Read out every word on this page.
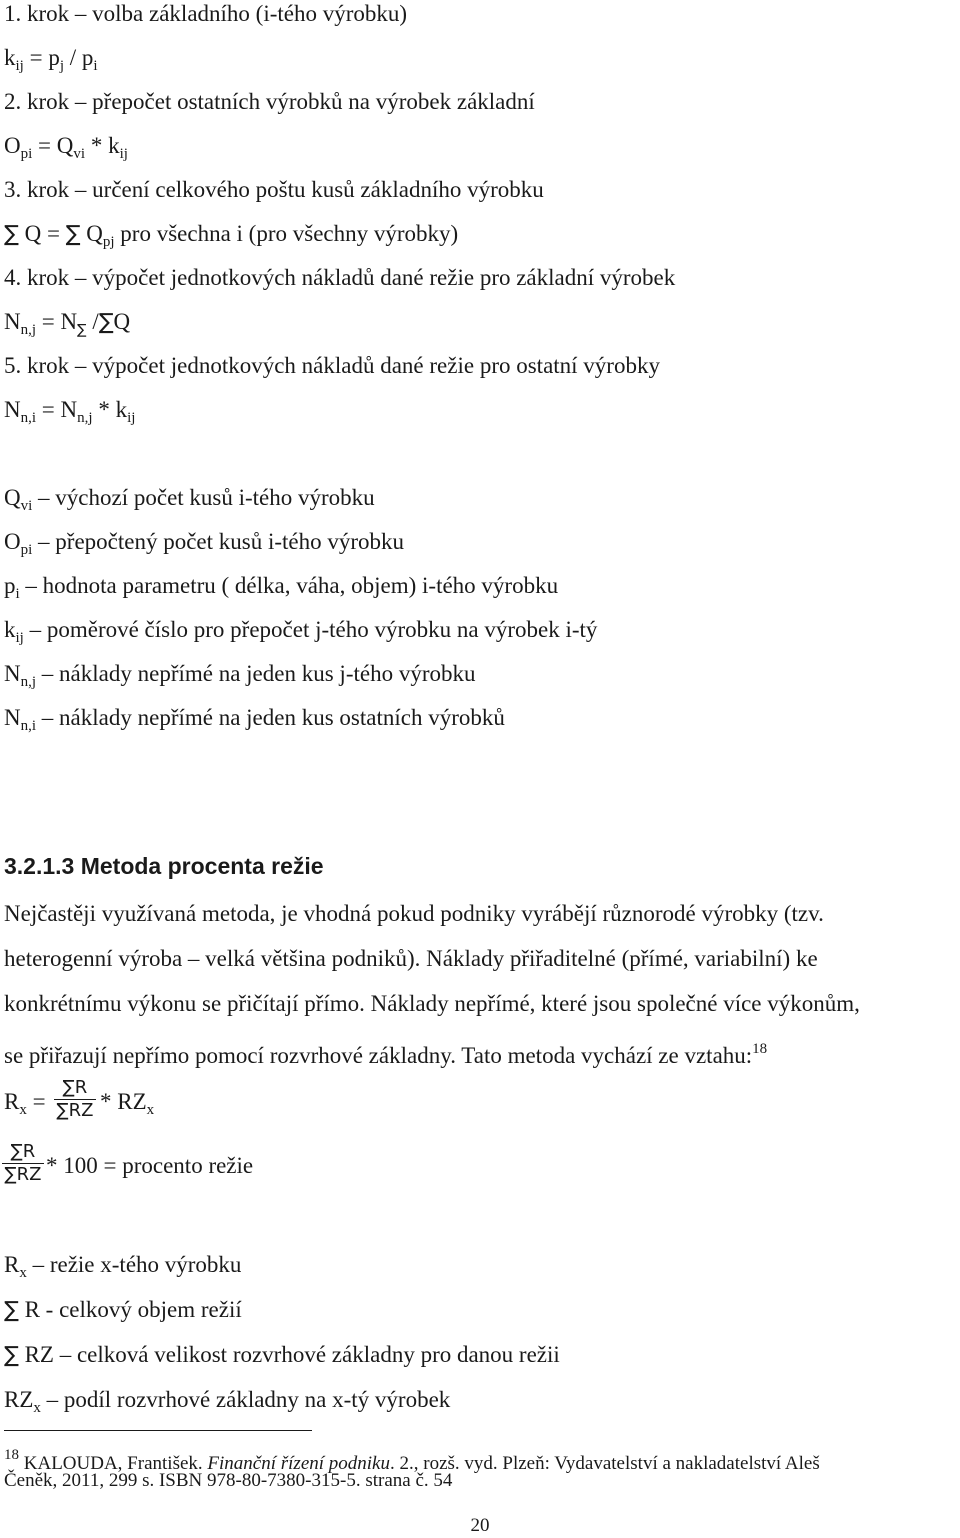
1. krok – volba základního (i-tého výrobku)
$k_{ij} = p_j / p_i$
2. krok – přepočet ostatních výrobků na výrobek základní
$O_{pi} = Q_{vi} * k_{ij}$
3. krok – určení celkového poštu kusů základního výrobku
∑ Q = ∑ $Q_{pj}$ pro všechna i (pro všechny výrobky)
4. krok – výpočet jednotkových nákladů dané režie pro základní výrobek
$N_{n,j} = N_\sum$ /∑Q
5. krok – výpočet jednotkových nákladů dané režie pro ostatní výrobky
$N_{n,i} = N_{n,j} * k_{ij}$
$Q_{vi}$ – výchozí počet kusů i-tého výrobku
$O_{pi}$ – přepočtený počet kusů i-tého výrobku
$p_i$ – hodnota parametru ( délka, váha, objem) i-tého výrobku
$k_{ij}$ – poměrové číslo pro přepočet j-tého výrobku na výrobek i-tý
$N_{n,j}$ – náklady nepřímé na jeden kus j-tého výrobku
$N_{n,i}$ – náklady nepřímé na jeden kus ostatních výrobků
3.2.1.3 Metoda procenta režie
Nejčastěji využívaná metoda, je vhodná pokud podniky vyrábějí různorodé výrobky (tzv.
heterogenní výroba – velká většina podniků). Náklady přiřaditelné (přímé, variabilní) ke
konkrétnímu výkonu se přičítají přímo. Náklady nepřímé, které jsou společné více výkonům,
se přiřazují nepřímo pomocí rozvrhové základny. Tato metoda vychází ze vztahu:$^{18}$
$R_x$ =
∑R
$\sum RZ * RZ_x$
∑R
∑RZ * 100 = procento režie
$R_x$ – režie x-tého výrobku
∑ R - celkový objem režií
∑ RZ – celková velikost rozvrhové základny pro danou režii
$RZ_x$ – podíl rozvrhové základny na x-tý výrobek
$^{18}$ KALOUDA, František. Finanční řízení podniku. 2., rozš. vyd. Plzeň: Vydavatelství a nakladatelství Aleš
Čeněk, 2011, 299 s. ISBN 978-80-7380-315-5. strana č. 54
20
